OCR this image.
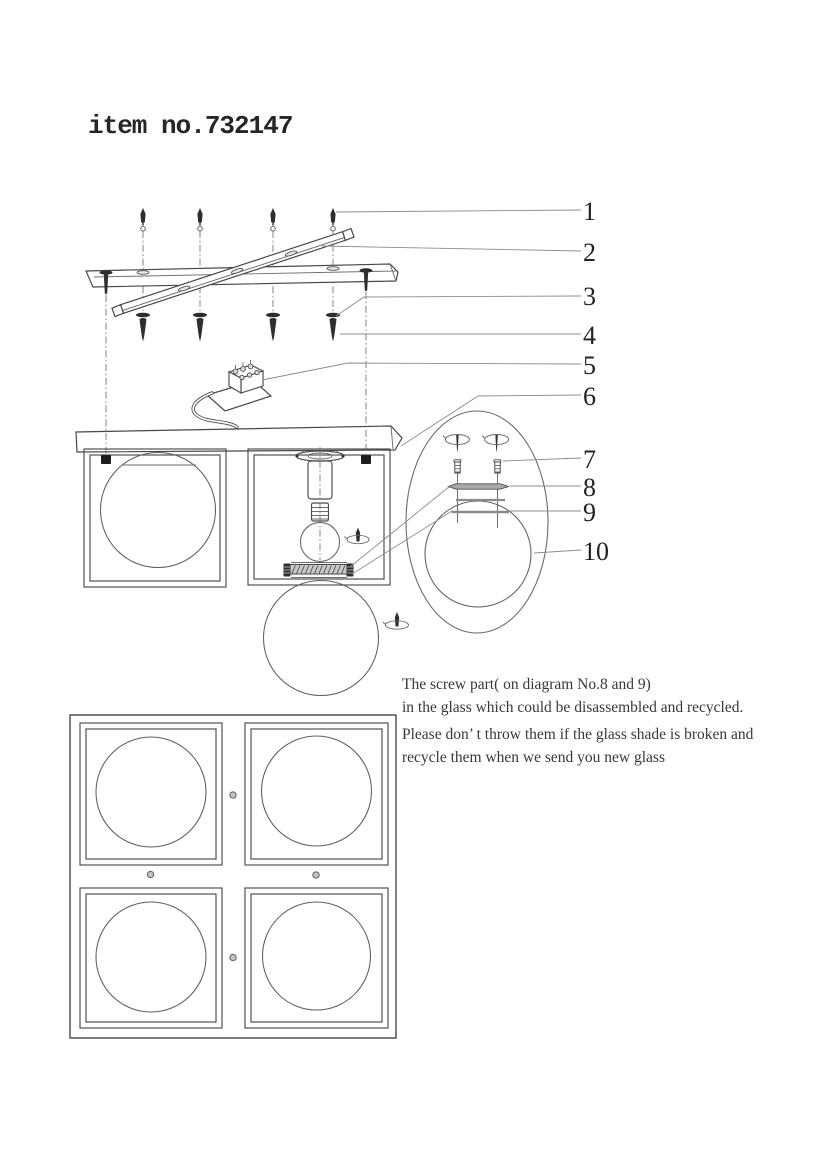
item no.732147
1
2
3
4
5
6
7
8
9
10
The screw part( on diagram No.8 and 9)
in the glass which could be disassembled and recycled.
Please don’ t throw them if the glass shade is broken and
recycle them when we send you new glass
